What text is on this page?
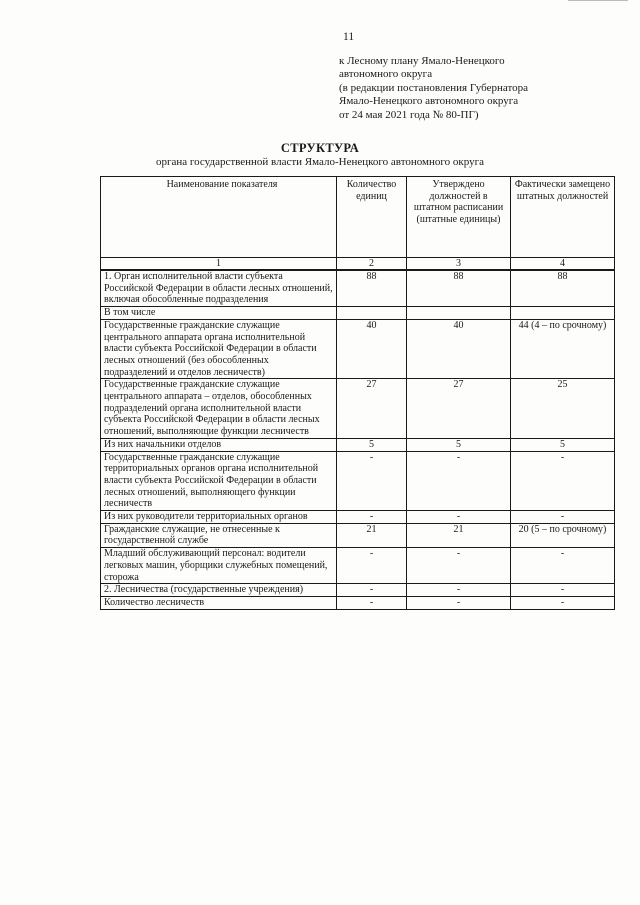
11
к Лесному плану Ямало-Ненецкого
автономного округа
(в редакции постановления Губернатора
Ямало-Ненецкого автономного округа
от 24 мая 2021 года № 80-ПГ)
СТРУКТУРА
органа государственной власти Ямало-Ненецкого автономного округа
Наименование показателя	Количество единиц	Утверждено должностей в штатном расписании (штатные единицы)	Фактически замещено штатных должностей
1	2	3	4
1. Орган исполнительной власти субъекта Российской Федерации в области лесных отношений, включая обособленные подразделения	88	88	88
В том числе			
Государственные гражданские служащие центрального аппарата органа исполнительной власти субъекта Российской Федерации в области лесных отношений (без обособленных подразделений и отделов лесничеств)	40	40	44 (4 – по срочному)
Государственные гражданские служащие центрального аппарата – отделов, обособленных подразделений органа исполнительной власти субъекта Российской Федерации в области лесных отношений, выполняющие функции лесничеств	27	27	25
Из них начальники отделов	5	5	5
Государственные гражданские служащие территориальных органов органа исполнительной власти субъекта Российской Федерации в области лесных отношений, выполняющего функции лесничеств	-	-	-
Из них руководители территориальных органов	-	-	-
Гражданские служащие, не отнесенные к государственной службе	21	21	20 (5 – по срочному)
Младший обслуживающий персонал: водители легковых машин, уборщики служебных помещений, сторожа	-	-	-
2. Лесничества (государственные учреждения)	-	-	-
Количество лесничеств	-	-	-
